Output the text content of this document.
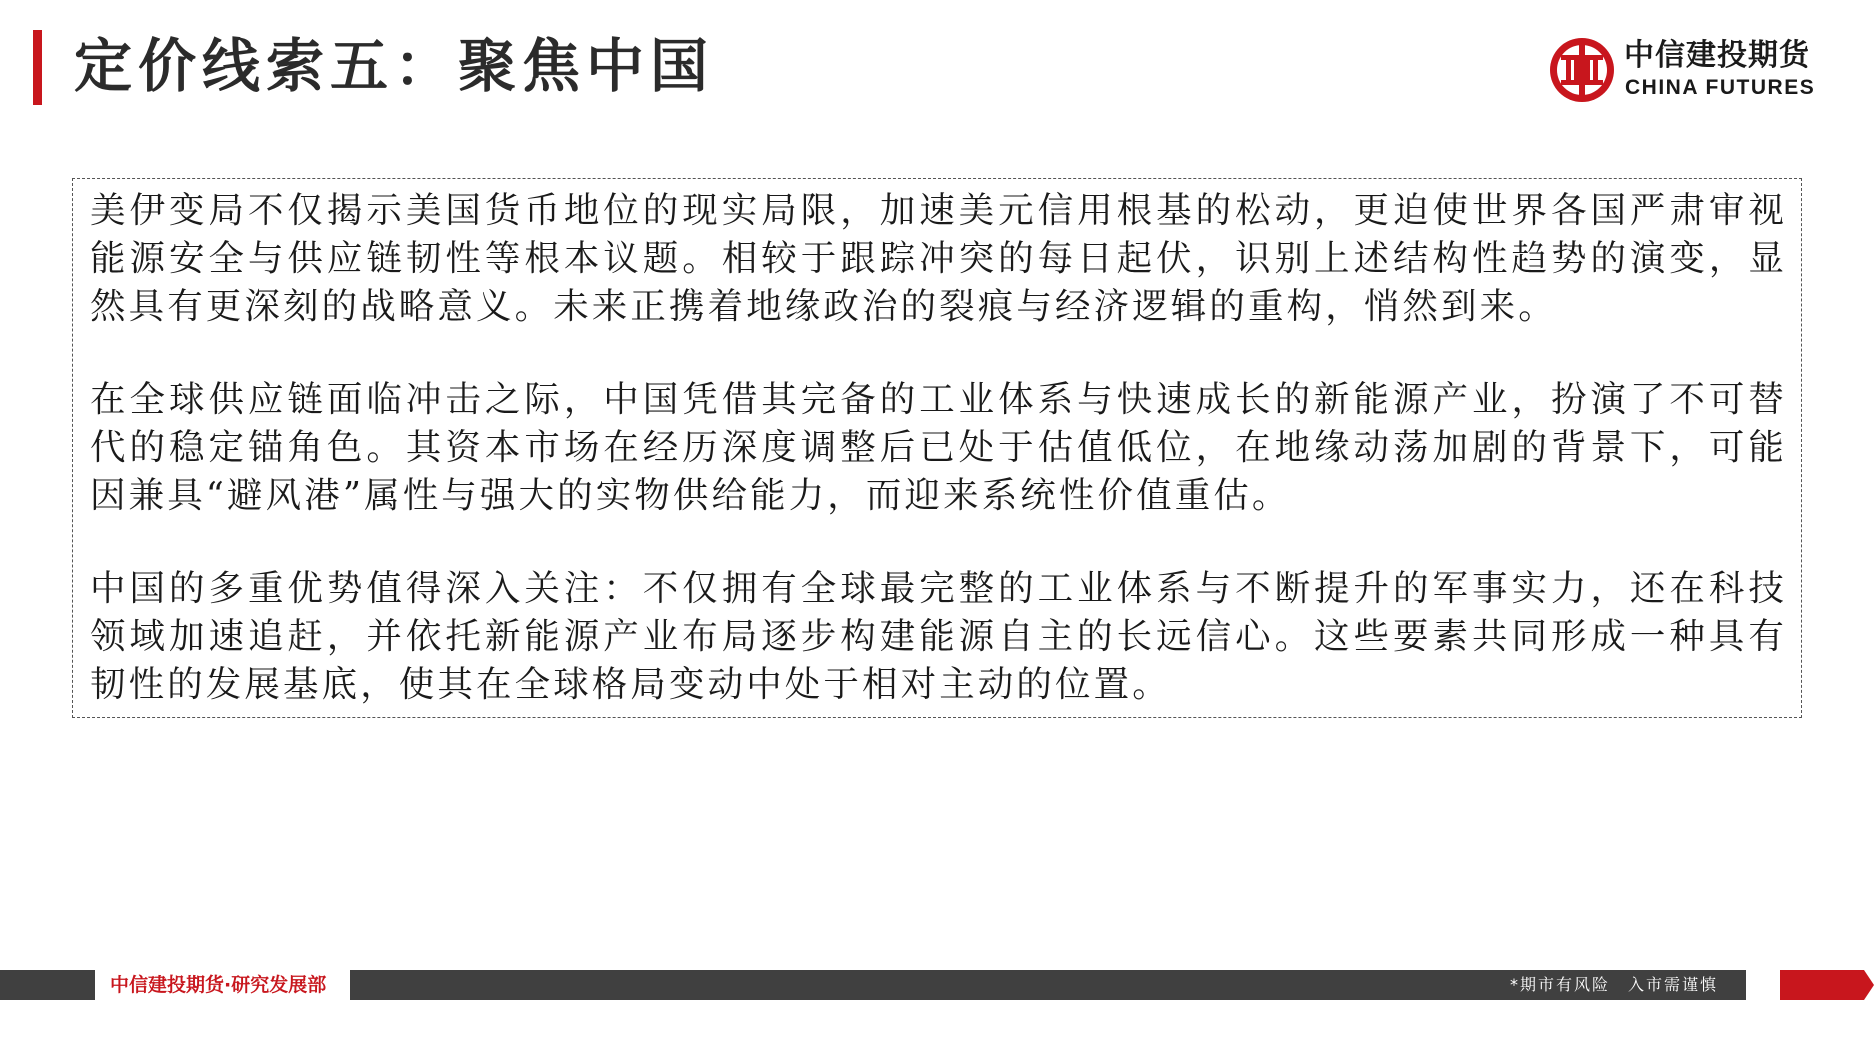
定价线索五：聚焦中国	中信建投期货
CHINA FUTURES

美伊变局不仅揭示美国货币地位的现实局限，加速美元信用根基的松动，更迫使世界各国严肃审视能源安全与供应链韧性等根本议题。相较于跟踪冲突的每日起伏，识别上述结构性趋势的演变，显然具有更深刻的战略意义。未来正携着地缘政治的裂痕与经济逻辑的重构，悄然到来。

在全球供应链面临冲击之际，中国凭借其完备的工业体系与快速成长的新能源产业，扮演了不可替代的稳定锚角色。其资本市场在经历深度调整后已处于估值低位，在地缘动荡加剧的背景下，可能因兼具“避风港”属性与强大的实物供给能力，而迎来系统性价值重估。

中国的多重优势值得深入关注：不仅拥有全球最完整的工业体系与不断提升的军事实力，还在科技领域加速追赶，并依托新能源产业布局逐步构建能源自主的长远信心。这些要素共同形成一种具有韧性的发展基底，使其在全球格局变动中处于相对主动的位置。

中信建投期货·研究发展部	*期市有风险　入市需谨慎
